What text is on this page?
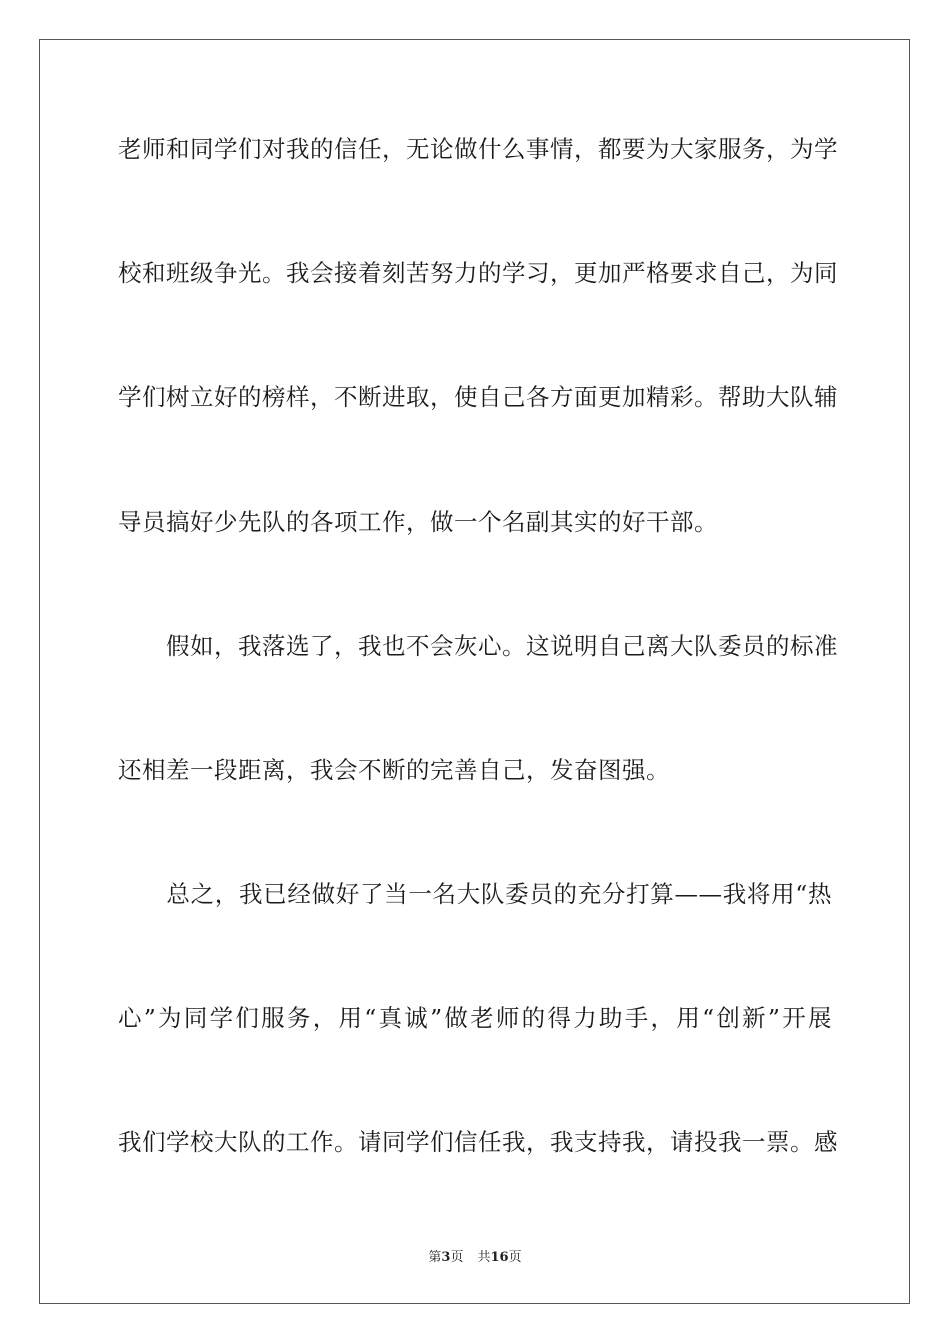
老师和同学们对我的信任，无论做什么事情，都要为大家服务，为学
校和班级争光。我会接着刻苦努力的学习，更加严格要求自己，为同
学们树立好的榜样，不断进取，使自己各方面更加精彩。帮助大队辅
导员搞好少先队的各项工作，做一个名副其实的好干部。
　　假如，我落选了，我也不会灰心。这说明自己离大队委员的标准
还相差一段距离，我会不断的完善自己，发奋图强。
　　总之，我已经做好了当一名大队委员的充分打算——我将用“热
心”为同学们服务，用“真诚”做老师的得力助手，用“创新”开展
我们学校大队的工作。请同学们信任我，我支持我，请投我一票。感
第3页 共16页
